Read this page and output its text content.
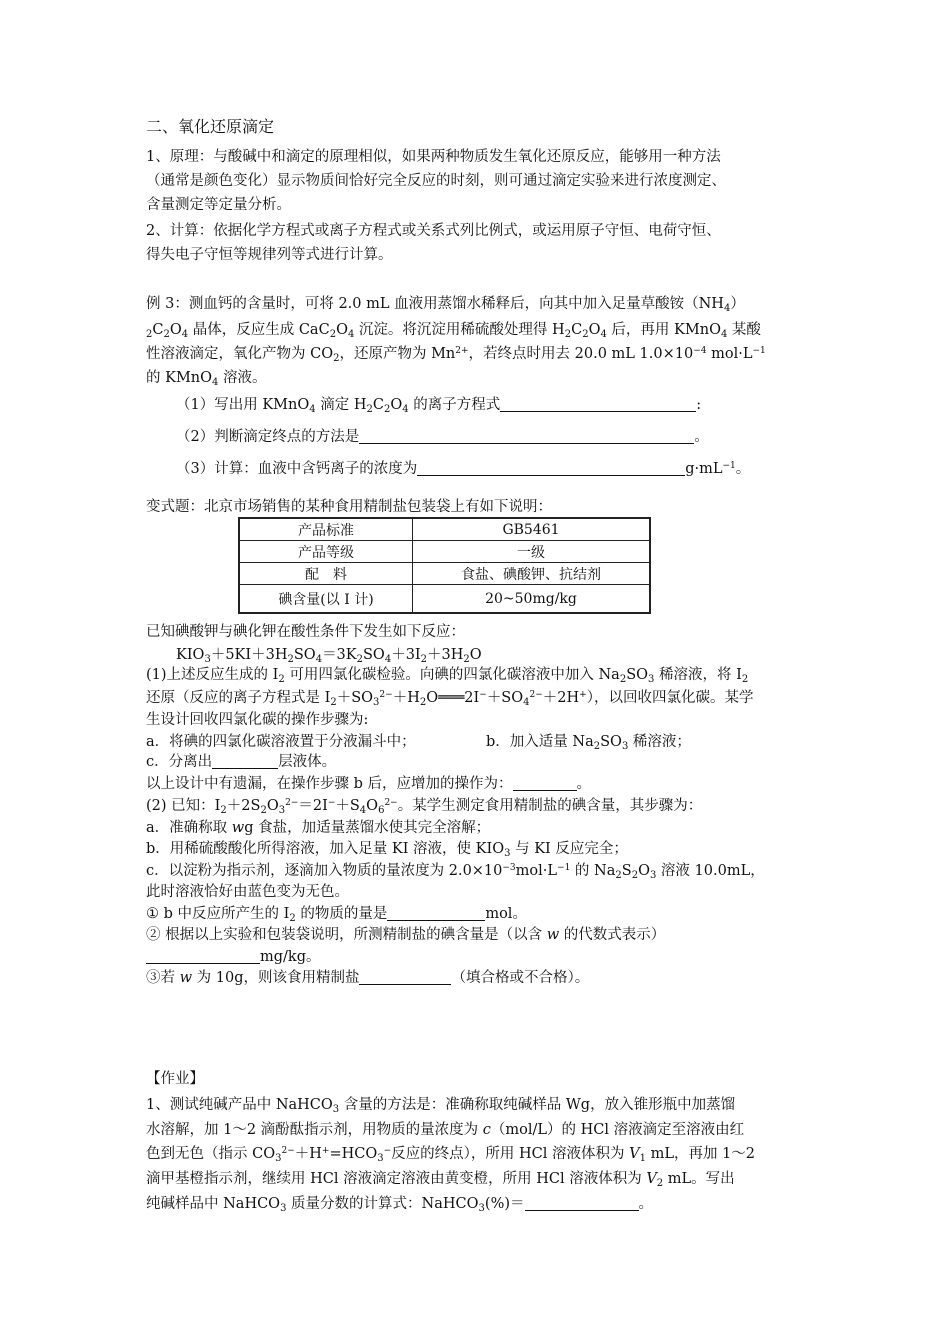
二、氧化还原滴定
1、原理：与酸碱中和滴定的原理相似，如果两种物质发生氧化还原反应，能够用一种方法
（通常是颜色变化）显示物质间恰好完全反应的时刻，则可通过滴定实验来进行浓度测定、
含量测定等定量分析。
2、计算：依据化学方程式或离子方程式或关系式列比例式，或运用原子守恒、电荷守恒、
得失电子守恒等规律列等式进行计算。
例 3：测血钙的含量时，可将 2.0 mL 血液用蒸馏水稀释后，向其中加入足量草酸铵$(NH_4)$
$_2C_2O_4$ 晶体，反应生成 $CaC_2O_4$ 沉淀。将沉淀用稀硫酸处理得 $H_2C_2O_4$ 后，再用 KMnO$_4$ 某酸
性溶液滴定，氧化产物为 $CO_2$，还原产物为 $Mn^{2+}$，若终点时用去 20.0 mL $1.0\times 10^{-4}$ $mol\cdot L^{-1}$
的 KMnO$_4$ 溶液。
（1）写出用 KMnO$_4$ 滴定 $H_2C_2O_4$ 的离子方程式	:
（2）判断滴定终点的方法是	。
（3）计算：血液中含钙离子的浓度为	$g\cdot mL^{-1}$。
变式题：北京市场销售的某种食用精制盐包装袋上有如下说明：
产品标准	GB5461
产品等级	一级
配　料	食盐、碘酸钾、抗结剂
碘含量(以 I 计)	20~50mg/kg
已知碘酸钾与碘化钾在酸性条件下发生如下反应：
$KIO_3+5KI+3H_2SO_4=3K_2SO_4+3I_2+3H_2O$
(1)上述反应生成的 $I_2$ 可用四氯化碳检验。向碘的四氯化碳溶液中加入 $Na_2SO_3$ 稀溶液，将 $I_2$
还原（反应的离子方程式是 $I_2+SO_3^{2-}+H_2O═══2I^-+SO_4^{2-}+2H^+$），以回收四氯化碳。某学
生设计回收四氯化碳的操作步骤为:
a．将碘的四氯化碳溶液置于分液漏斗中；	b．加入适量 $Na_2SO_3$ 稀溶液；
c．分离出	层液体。
以上设计中有遗漏，在操作步骤 b 后，应增加的操作为：	。
(2) 已知：$I_2+2S_2O_3^{2-}=2I^-+S_4O_6^{2-}$。某学生测定食用精制盐的碘含量，其步骤为：
a．准确称取 wg 食盐，加适量蒸馏水使其完全溶解；
b．用稀硫酸酸化所得溶液，加入足量 KI 溶液，使 $KIO_3$ 与 KI 反应完全；
c．以淀粉为指示剂，逐滴加入物质的量浓度为 $2.0\times 10^{-3}mol\cdot L^{-1}$ 的 $Na_2S_2O_3$ 溶液 10.0mL，
此时溶液恰好由蓝色变为无色。
① b 中反应所产生的 $I_2$ 的物质的量是	mol。
② 根据以上实验和包装袋说明，所测精制盐的碘含量是（以含 w 的代数式表示）
mg/kg。
③若 w 为 10g，则该食用精制盐	（填合格或不合格）。
【作业】
1、测试纯碱产品中 NaHCO$_3$ 含量的方法是：准确称取纯碱样品 Wg，放入锥形瓶中加蒸馏
水溶解，加 1～2 滴酚酞指示剂，用物质的量浓度为 c（mol/L）的 HCl 溶液滴定至溶液由红
色到无色（指示 $CO_3^{2-}+H^+=HCO_3^-$反应的终点），所用 HCl 溶液体积为 $V_1$ mL，再加 1～2
滴甲基橙指示剂，继续用 HCl 溶液滴定溶液由黄变橙，所用 HCl 溶液体积为 $V_2$ mL。写出
纯碱样品中 NaHCO$_3$ 质量分数的计算式：NaHCO$_3$(%)＝	。
